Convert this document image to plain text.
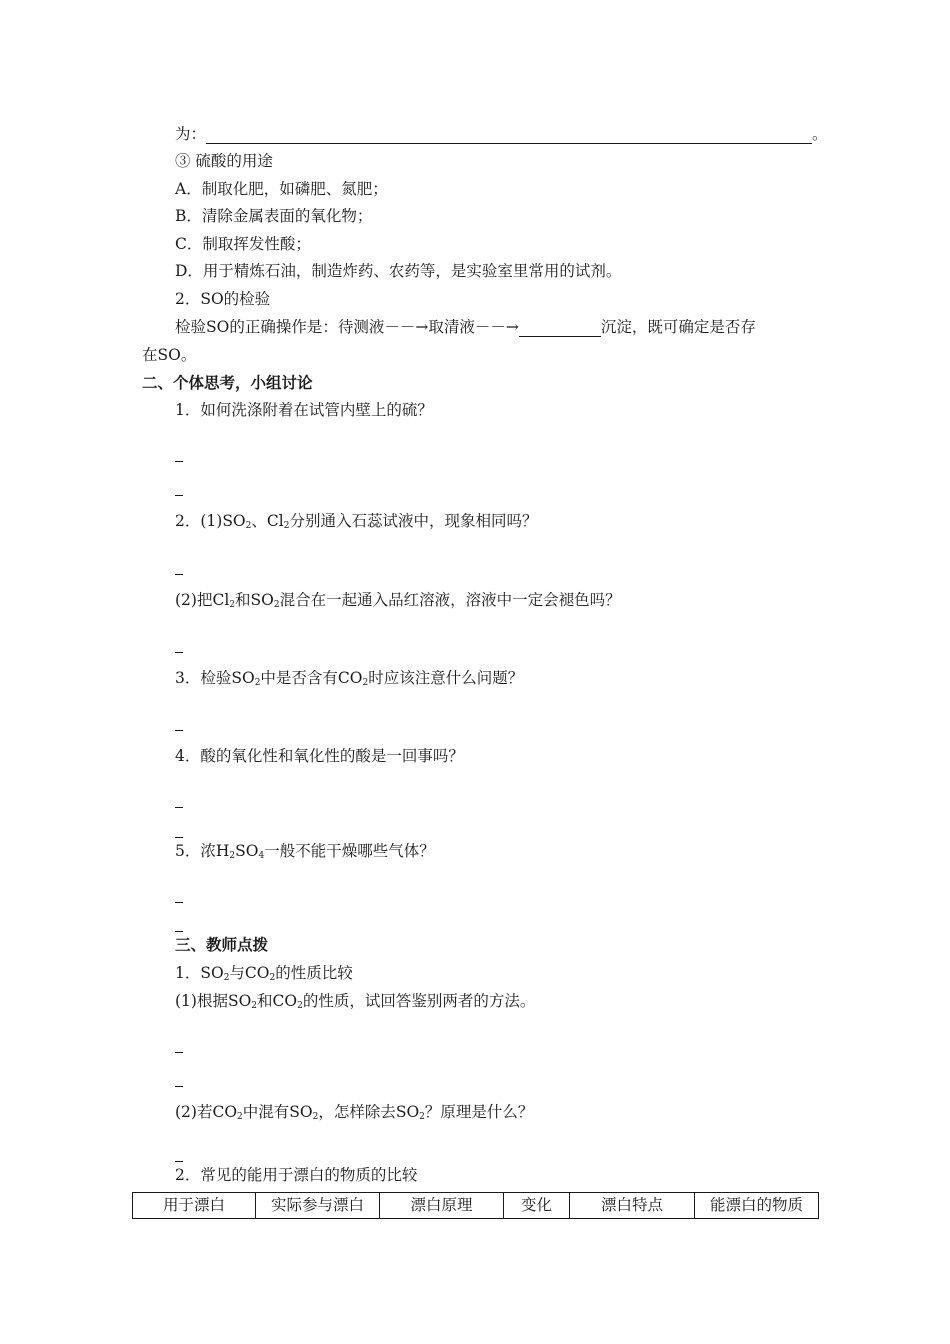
为：	。
③ 硫酸的用途
A．制取化肥，如磷肥、氮肥；
B．清除金属表面的氧化物；
C．制取挥发性酸；
D．用于精炼石油，制造炸药、农药等，是实验室里常用的试剂。
2．SO的检验
检验SO的正确操作是：待测液－－→取清液－－→	沉淀，既可确定是否存
在SO。
二、个体思考，小组讨论
1．如何洗涤附着在试管内壁上的硫？
2．$(1)SO_2$、$Cl_2$分别通入石蕊试液中，现象相同吗？
(2)把$Cl_2$和$SO_2$混合在一起通入品红溶液，溶液中一定会褪色吗？
3．检验$SO_2$中是否含有$CO_2$时应该注意什么问题？
4．酸的氧化性和氧化性的酸是一回事吗？
5．浓$H_2SO_4$一般不能干燥哪些气体？
三、教师点拨
1．$SO_2$与$CO_2$的性质比较
(1)根据$SO_2$和$CO_2$的性质，试回答鉴别两者的方法。
(2)若$CO_2$中混有$SO_2$，怎样除去$SO_2$？原理是什么？
2．常见的能用于漂白的物质的比较
用于漂白	实际参与漂白	漂白原理	变化	漂白特点	能漂白的物质
